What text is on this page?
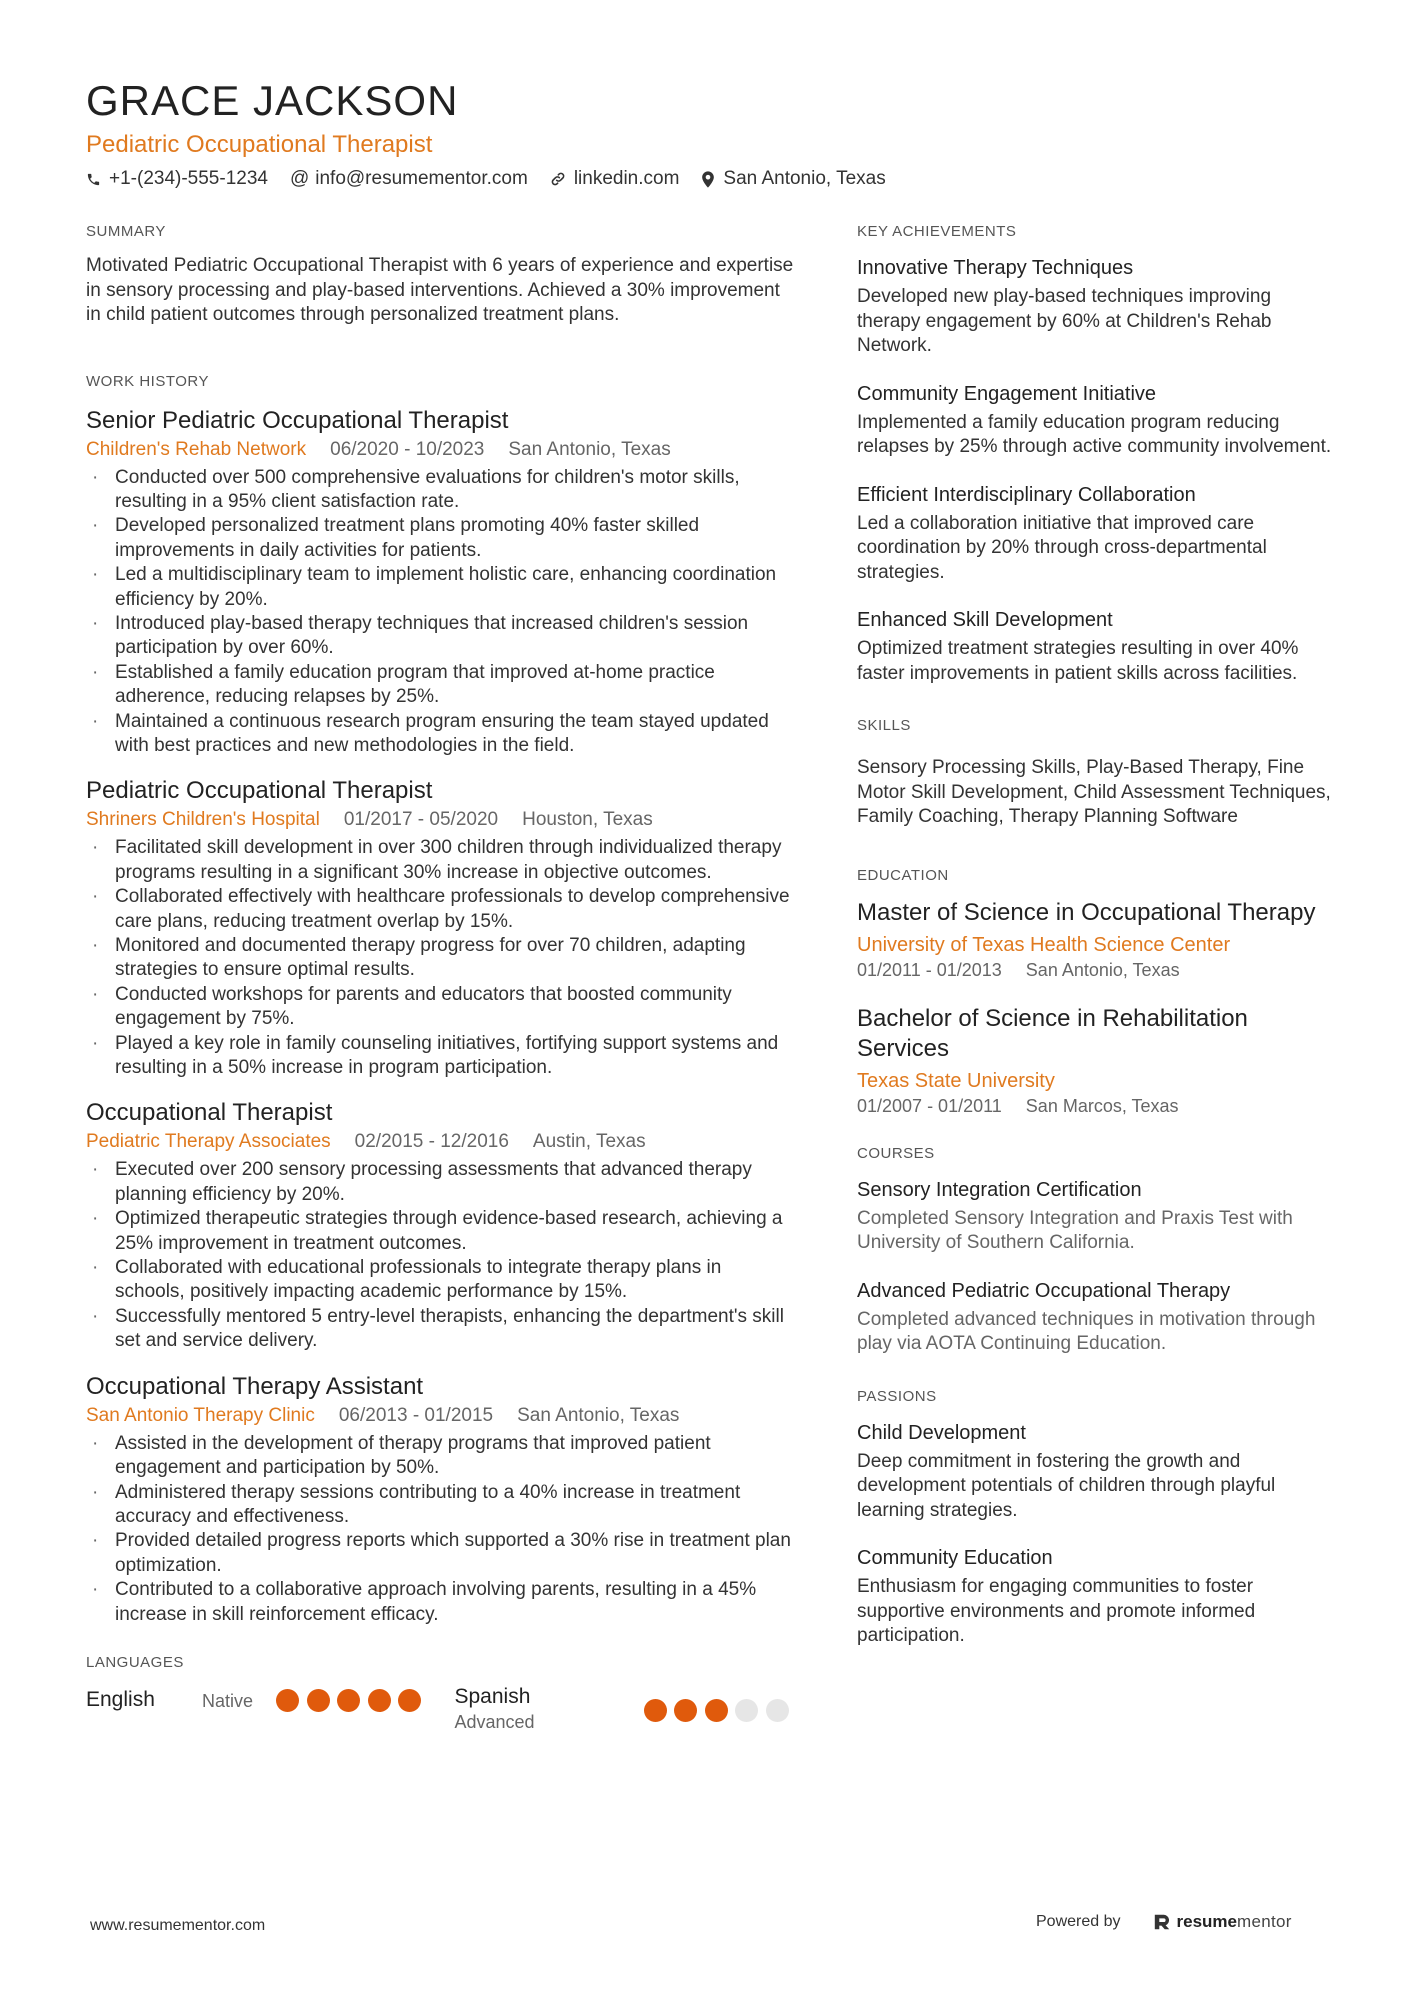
GRACE JACKSON
Pediatric Occupational Therapist
+1-(234)-555-1234 @ info@resumementor.com linkedin.com San Antonio, Texas
SUMMARY
Motivated Pediatric Occupational Therapist with 6 years of experience and expertise in sensory processing and play-based interventions. Achieved a 30% improvement in child patient outcomes through personalized treatment plans.
WORK HISTORY
Senior Pediatric Occupational Therapist
Children's Rehab Network 06/2020 - 10/2023 San Antonio, Texas
· Conducted over 500 comprehensive evaluations for children's motor skills, resulting in a 95% client satisfaction rate.
· Developed personalized treatment plans promoting 40% faster skilled improvements in daily activities for patients.
· Led a multidisciplinary team to implement holistic care, enhancing coordination efficiency by 20%.
· Introduced play-based therapy techniques that increased children's session participation by over 60%.
· Established a family education program that improved at-home practice adherence, reducing relapses by 25%.
· Maintained a continuous research program ensuring the team stayed updated with best practices and new methodologies in the field.
Pediatric Occupational Therapist
Shriners Children's Hospital 01/2017 - 05/2020 Houston, Texas
· Facilitated skill development in over 300 children through individualized therapy programs resulting in a significant 30% increase in objective outcomes.
· Collaborated effectively with healthcare professionals to develop comprehensive care plans, reducing treatment overlap by 15%.
· Monitored and documented therapy progress for over 70 children, adapting strategies to ensure optimal results.
· Conducted workshops for parents and educators that boosted community engagement by 75%.
· Played a key role in family counseling initiatives, fortifying support systems and resulting in a 50% increase in program participation.
Occupational Therapist
Pediatric Therapy Associates 02/2015 - 12/2016 Austin, Texas
· Executed over 200 sensory processing assessments that advanced therapy planning efficiency by 20%.
· Optimized therapeutic strategies through evidence-based research, achieving a 25% improvement in treatment outcomes.
· Collaborated with educational professionals to integrate therapy plans in schools, positively impacting academic performance by 15%.
· Successfully mentored 5 entry-level therapists, enhancing the department's skill set and service delivery.
Occupational Therapy Assistant
San Antonio Therapy Clinic 06/2013 - 01/2015 San Antonio, Texas
· Assisted in the development of therapy programs that improved patient engagement and participation by 50%.
· Administered therapy sessions contributing to a 40% increase in treatment accuracy and effectiveness.
· Provided detailed progress reports which supported a 30% rise in treatment plan optimization.
· Contributed to a collaborative approach involving parents, resulting in a 45% increase in skill reinforcement efficacy.
LANGUAGES
English	Native	Spanish
Advanced
KEY ACHIEVEMENTS
Innovative Therapy Techniques
Developed new play-based techniques improving therapy engagement by 60% at Children's Rehab Network.
Community Engagement Initiative
Implemented a family education program reducing relapses by 25% through active community involvement.
Efficient Interdisciplinary Collaboration
Led a collaboration initiative that improved care coordination by 20% through cross-departmental strategies.
Enhanced Skill Development
Optimized treatment strategies resulting in over 40% faster improvements in patient skills across facilities.
SKILLS
Sensory Processing Skills, Play-Based Therapy, Fine Motor Skill Development, Child Assessment Techniques, Family Coaching, Therapy Planning Software
EDUCATION
Master of Science in Occupational Therapy
University of Texas Health Science Center
01/2011 - 01/2013 San Antonio, Texas
Bachelor of Science in Rehabilitation Services
Texas State University
01/2007 - 01/2011 San Marcos, Texas
COURSES
Sensory Integration Certification
Completed Sensory Integration and Praxis Test with University of Southern California.
Advanced Pediatric Occupational Therapy
Completed advanced techniques in motivation through play via AOTA Continuing Education.
PASSIONS
Child Development
Deep commitment in fostering the growth and development potentials of children through playful learning strategies.
Community Education
Enthusiasm for engaging communities to foster supportive environments and promote informed participation.
www.resumementor.com	Powered by	resume mentor
